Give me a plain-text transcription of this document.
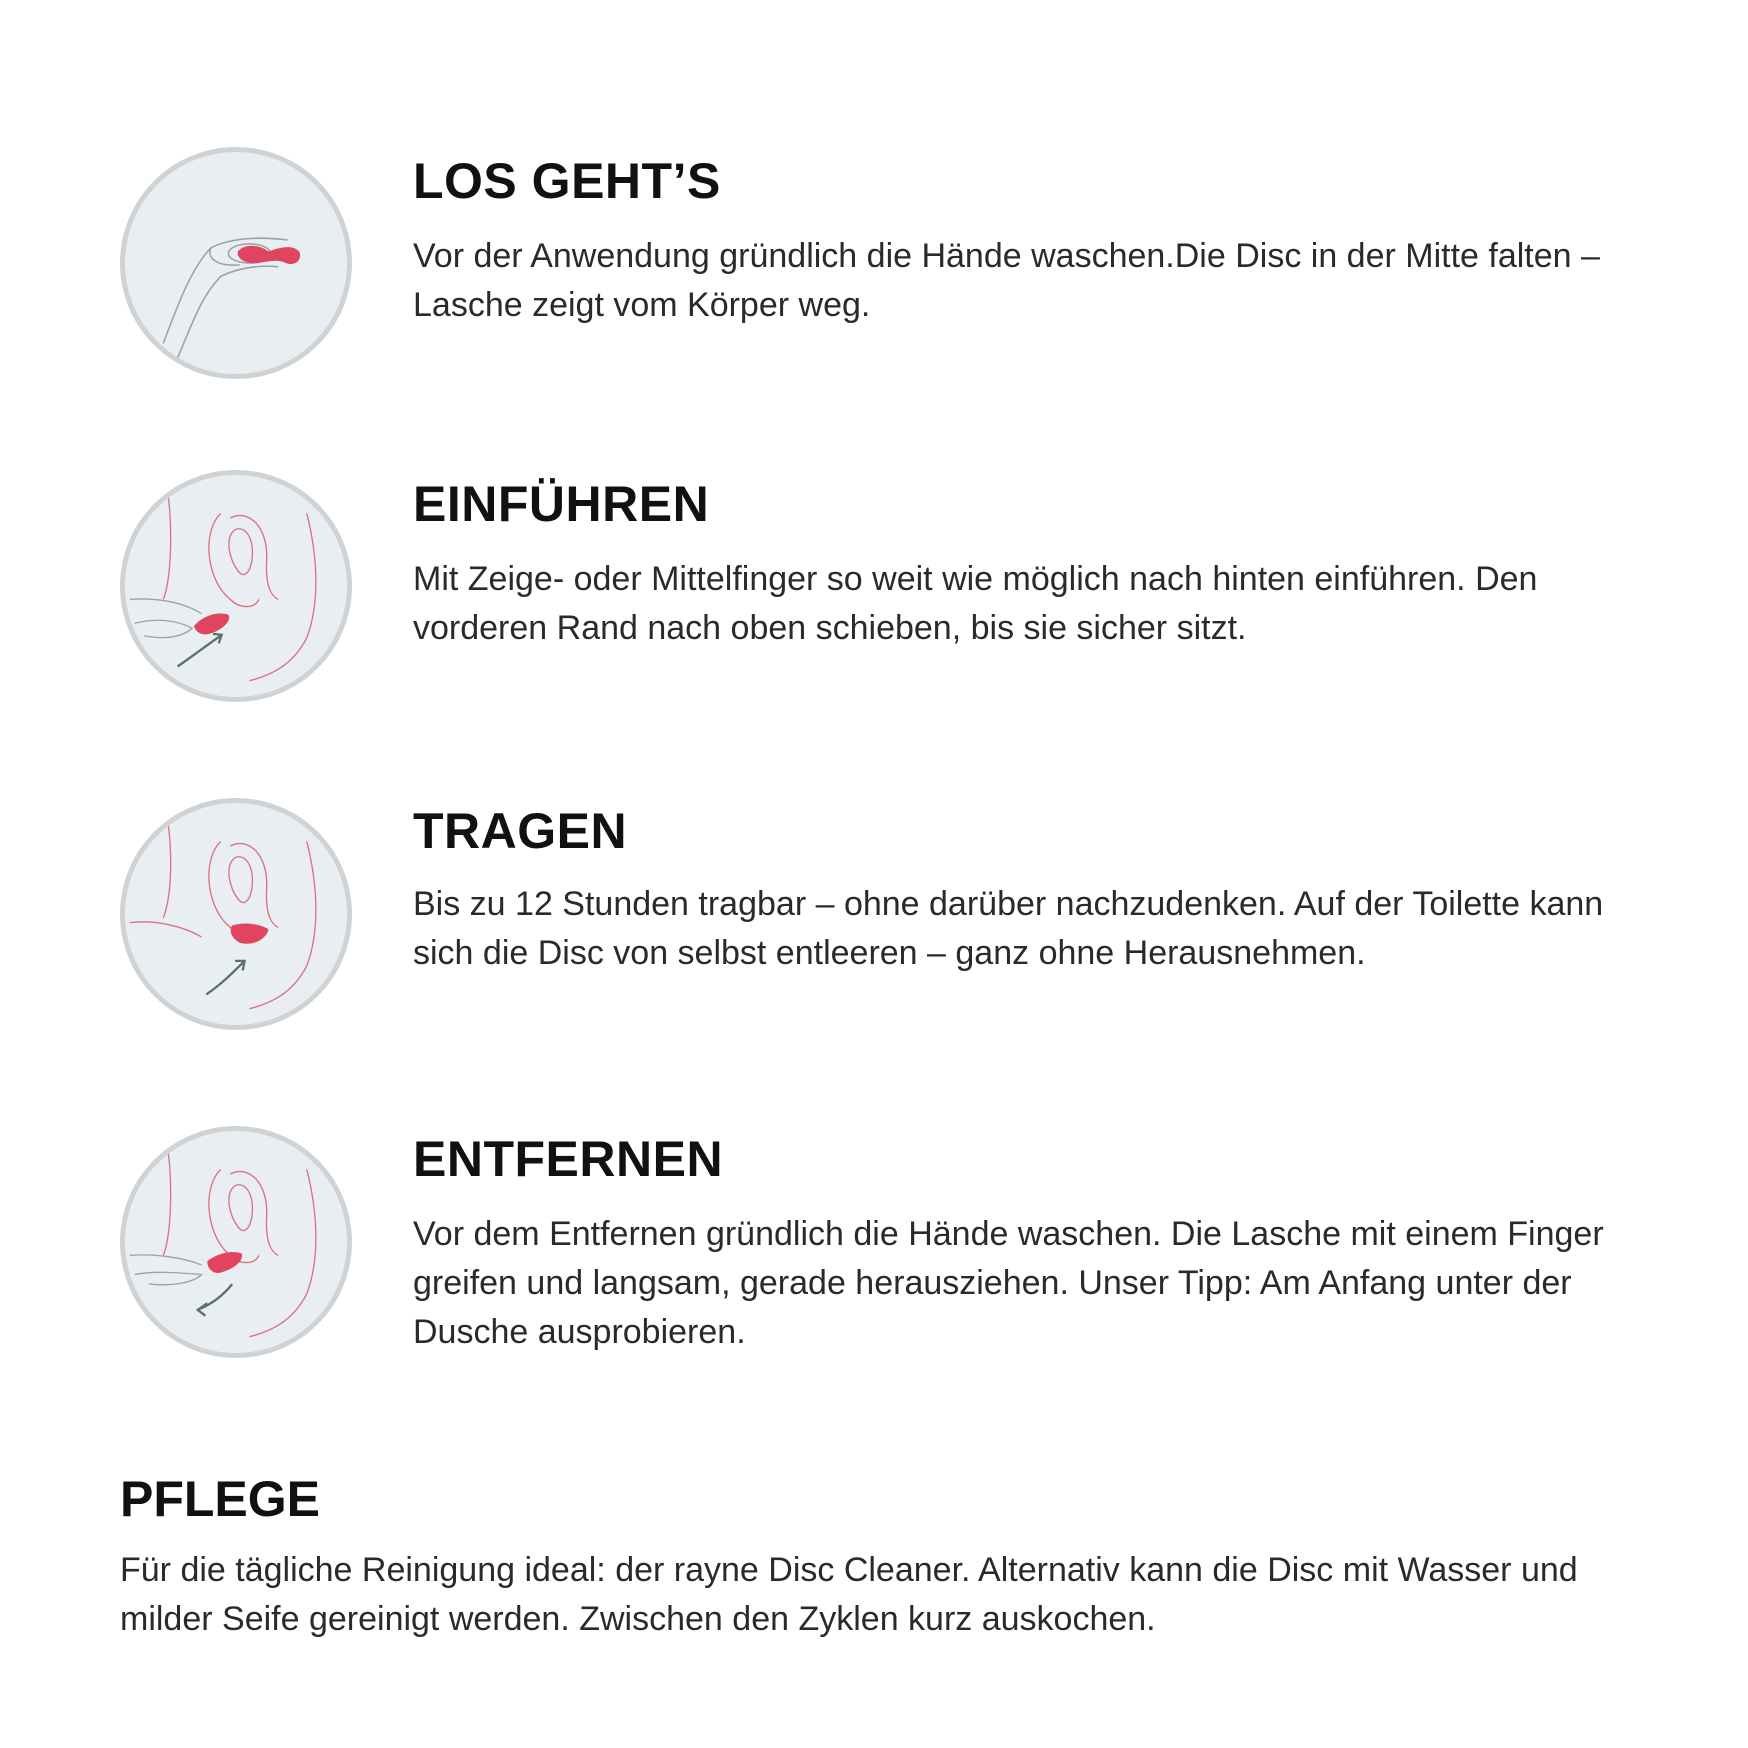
LOS GEHT’S

Vor der Anwendung gründlich die Hände waschen.Die Disc in der Mitte falten – Lasche zeigt vom Körper weg.

EINFÜHREN

Mit Zeige- oder Mittelfinger so weit wie möglich nach hinten einführen. Den vorderen Rand nach oben schieben, bis sie sicher sitzt.

TRAGEN

Bis zu 12 Stunden tragbar – ohne darüber nachzudenken. Auf der Toilette kann sich die Disc von selbst entleeren – ganz ohne Herausnehmen.

ENTFERNEN

Vor dem Entfernen gründlich die Hände waschen. Die Lasche mit einem Finger greifen und langsam, gerade herausziehen. Unser Tipp: Am Anfang unter der Dusche ausprobieren.

PFLEGE

Für die tägliche Reinigung ideal: der rayne Disc Cleaner. Alternativ kann die Disc mit Wasser und milder Seife gereinigt werden. Zwischen den Zyklen kurz auskochen.
